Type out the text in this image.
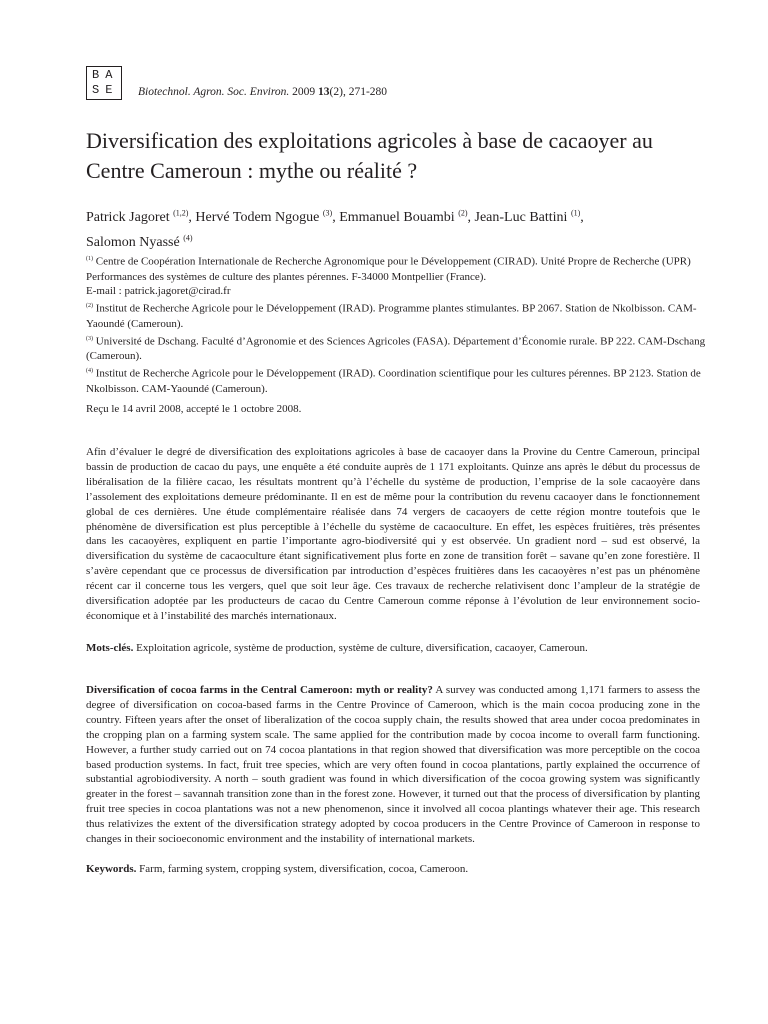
BA
SE Biotechnol. Agron. Soc. Environ. 2009 13(2), 271-280
Diversification des exploitations agricoles à base de cacaoyer au Centre Cameroun : mythe ou réalité ?
Patrick Jagoret $^{(1,2)}$, Hervé Todem Ngogue $^{(3)}$, Emmanuel Bouambi $^{(2)}$, Jean-Luc Battini $^{(1)}$,
Salomon Nyassé $^{(4)}$
$^{(1)}$ Centre de Coopération Internationale de Recherche Agronomique pour le Développement (CIRAD). Unité Propre de Recherche (UPR) Performances des systèmes de culture des plantes pérennes. F-34000 Montpellier (France).
E-mail : patrick.jagoret@cirad.fr
$^{(2)}$ Institut de Recherche Agricole pour le Développement (IRAD). Programme plantes stimulantes. BP 2067. Station de Nkolbisson. CAM-Yaoundé (Cameroun).
$^{(3)}$ Université de Dschang. Faculté d’Agronomie et des Sciences Agricoles (FASA). Département d’Économie rurale. BP 222. CAM-Dschang (Cameroun).
$^{(4)}$ Institut de Recherche Agricole pour le Développement (IRAD). Coordination scientifique pour les cultures pérennes. BP 2123. Station de Nkolbisson. CAM-Yaoundé (Cameroun).
Reçu le 14 avril 2008, accepté le 1 octobre 2008.

Afin d’évaluer le degré de diversification des exploitations agricoles à base de cacaoyer dans la Provine du Centre Cameroun, principal bassin de production de cacao du pays, une enquête a été conduite auprès de 1 171 exploitants. Quinze ans après le début du processus de libéralisation de la filière cacao, les résultats montrent qu’à l’échelle du système de production, l’emprise de la sole cacaoyère dans l’assolement des exploitations demeure prédominante. Il en est de même pour la contribution du revenu cacaoyer dans le fonctionnement global de ces dernières. Une étude complémentaire réalisée dans 74 vergers de cacaoyers de cette région montre toutefois que le phénomène de diversification est plus perceptible à l’échelle du système de cacaoculture. En effet, les espèces fruitières, très présentes dans les cacaoyères, expliquent en partie l’importante agro-biodiversité qui y est observée. Un gradient nord – sud est observé, la diversification du système de cacaoculture étant significativement plus forte en zone de transition forêt – savane qu’en zone forestière. Il s’avère cependant que ce processus de diversification par introduction d’espèces fruitières dans les cacaoyères n’est pas un phénomène récent car il concerne tous les vergers, quel que soit leur âge. Ces travaux de recherche relativisent donc l’ampleur de la stratégie de diversification adoptée par les producteurs de cacao du Centre Cameroun comme réponse à l’évolution de leur environnement socio-économique et à l’instabilité des marchés internationaux.

Mots-clés. Exploitation agricole, système de production, système de culture, diversification, cacaoyer, Cameroun.

Diversification of cocoa farms in the Central Cameroon: myth or reality? A survey was conducted among 1,171 farmers to assess the degree of diversification on cocoa-based farms in the Centre Province of Cameroon, which is the main cocoa producing zone in the country. Fifteen years after the onset of liberalization of the cocoa supply chain, the results showed that area under cocoa predominates in the cropping plan on a farming system scale. The same applied for the contribution made by cocoa income to overall farm functioning. However, a further study carried out on 74 cocoa plantations in that region showed that diversification was more perceptible on the cocoa based production systems. In fact, fruit tree species, which are very often found in cocoa plantations, partly explained the occurrence of substantial agrobiodiversity. A north – south gradient was found in which diversification of the cocoa growing system was significantly greater in the forest – savannah transition zone than in the forest zone. However, it turned out that the process of diversification by planting fruit tree species in cocoa plantations was not a new phenomenon, since it involved all cocoa plantings whatever their age. This research thus relativizes the extent of the diversification strategy adopted by cocoa producers in the Centre Province of Cameroon in response to changes in their socioeconomic environment and the instability of international markets.

Keywords. Farm, farming system, cropping system, diversification, cocoa, Cameroon.
